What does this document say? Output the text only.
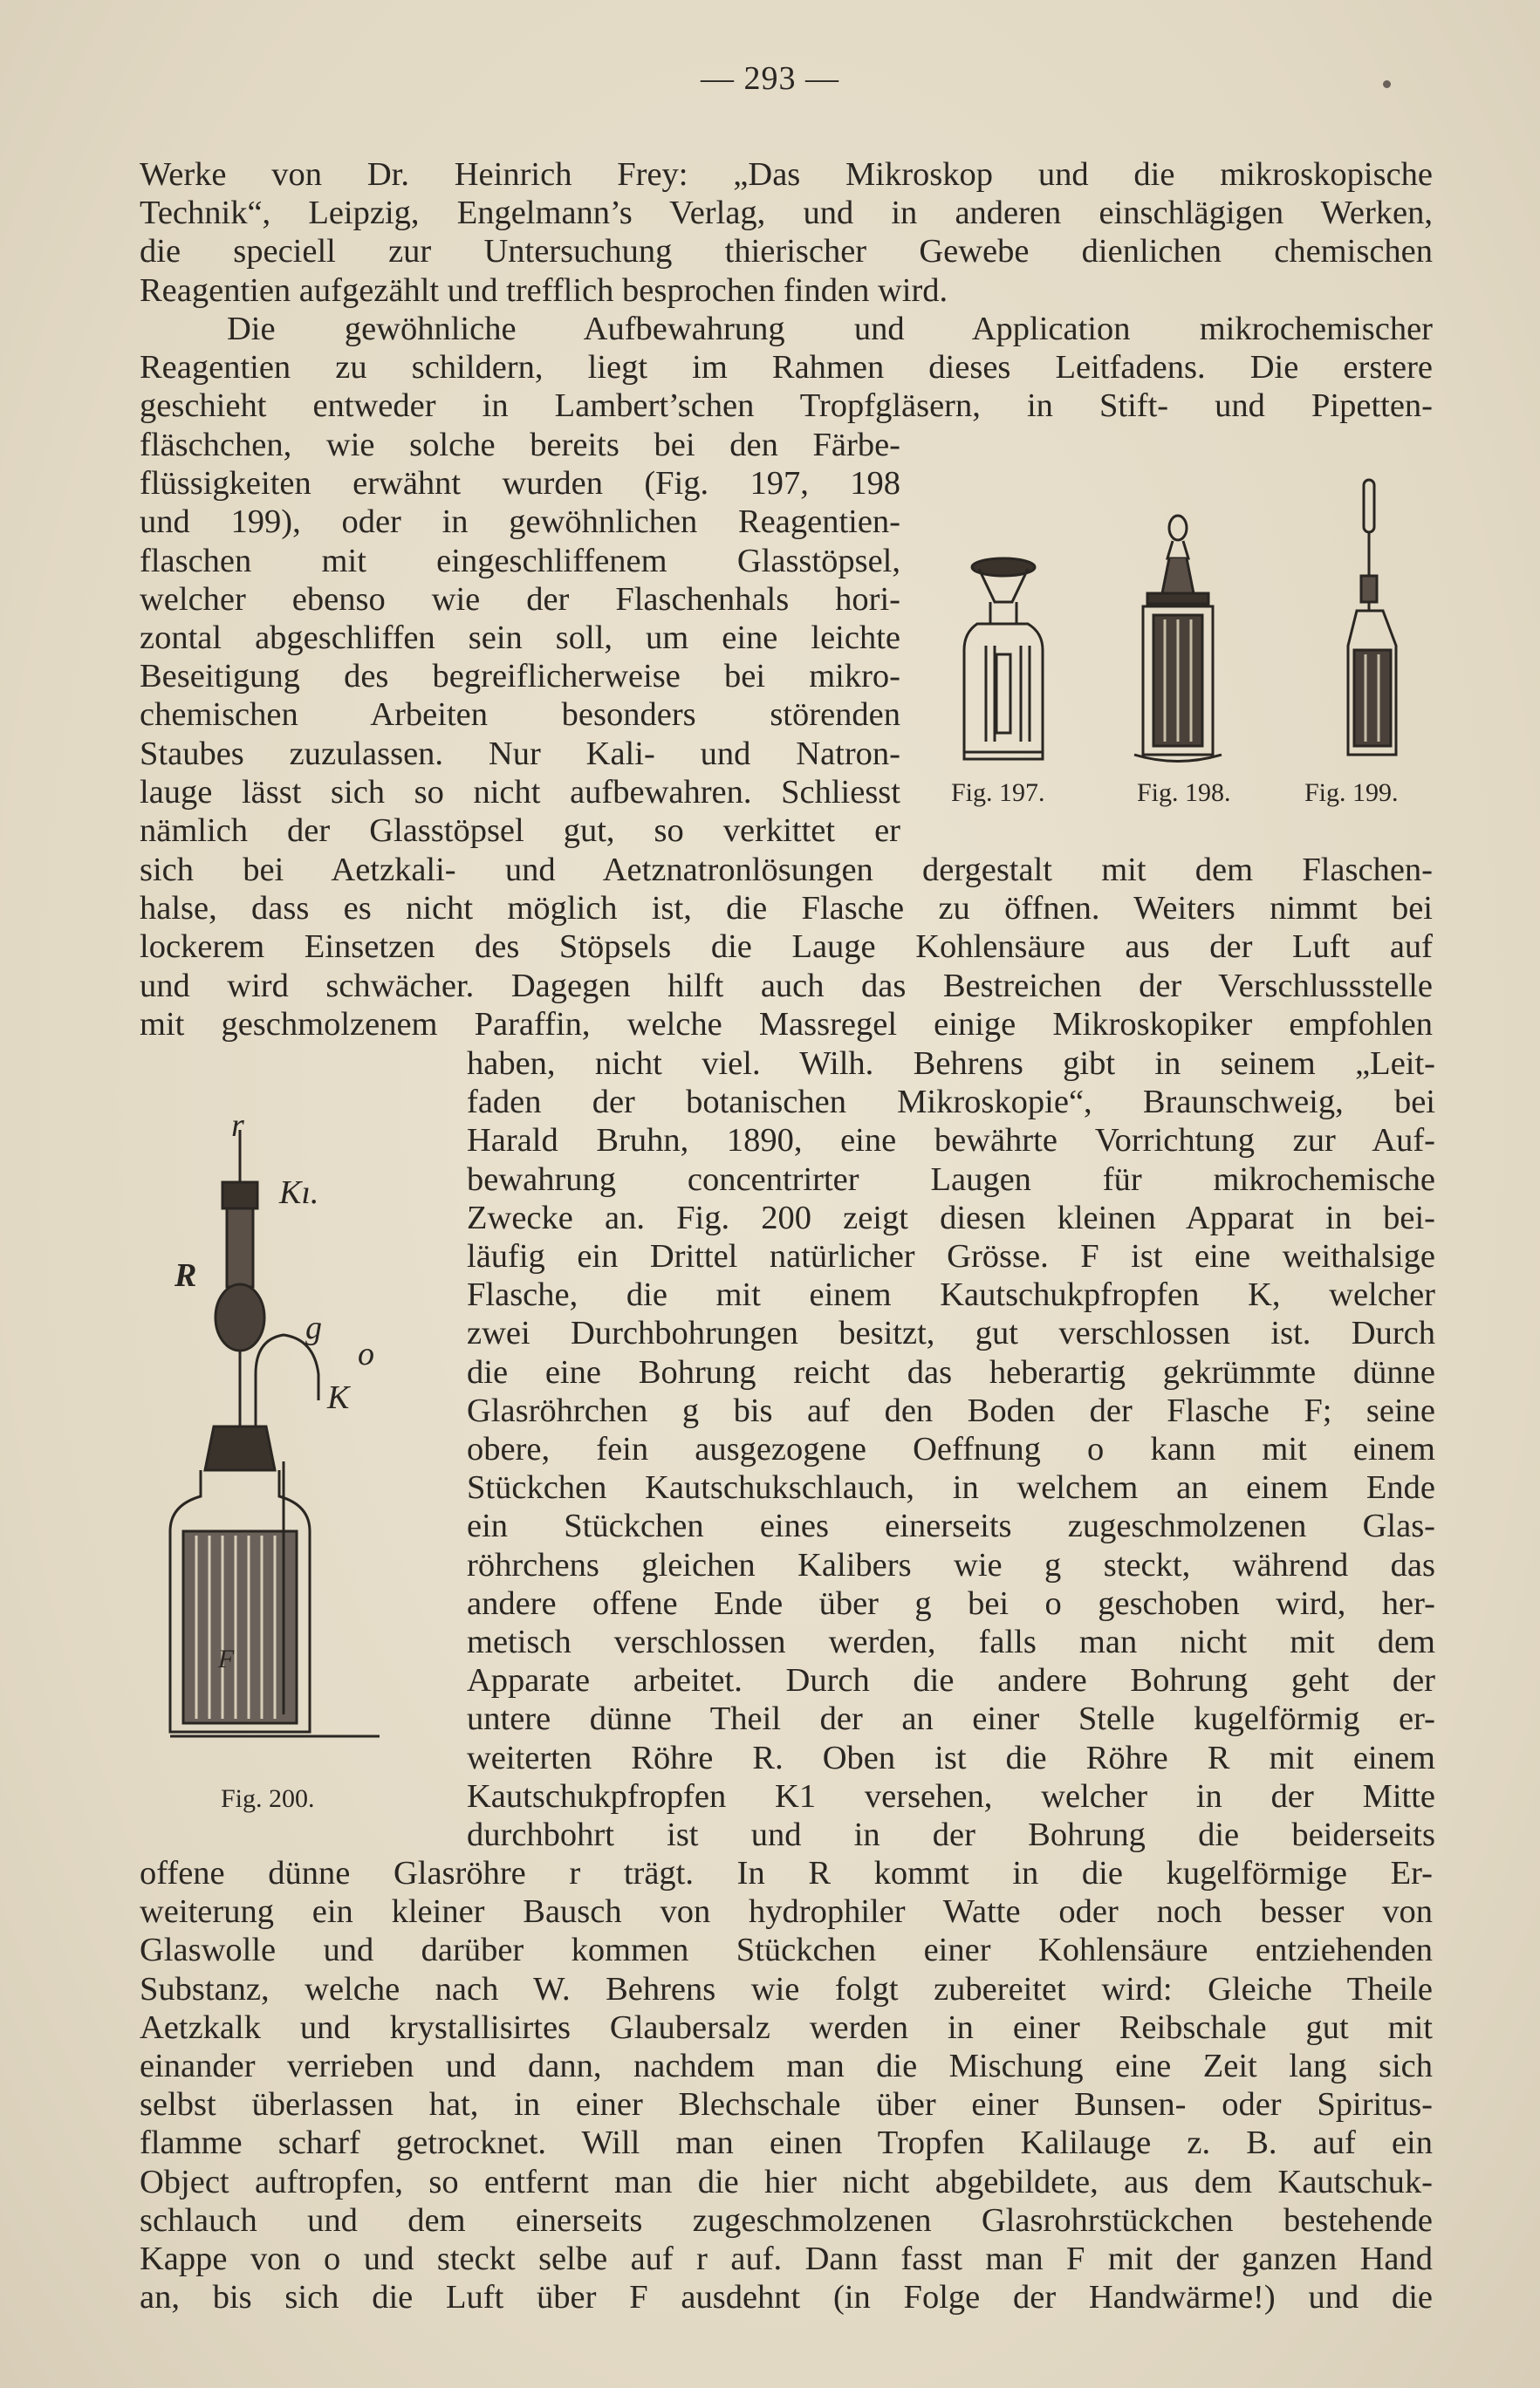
— 293 —
Werke von Dr. Heinrich Frey: „Das Mikroskop und die mikroskopische
Technik“, Leipzig, Engelmann’s Verlag, und in anderen einschlägigen Werken,
die speciell zur Untersuchung thierischer Gewebe dienlichen chemischen
Reagentien aufgezählt und trefflich besprochen finden wird.
Die gewöhnliche Aufbewahrung und Application mikrochemischer
Reagentien zu schildern, liegt im Rahmen dieses Leitfadens. Die erstere
geschieht entweder in Lambert’schen Tropfgläsern, in Stift- und Pipetten-
fläschchen, wie solche bereits bei den Färbe-
flüssigkeiten erwähnt wurden (Fig. 197, 198
und 199), oder in gewöhnlichen Reagentien-
flaschen mit eingeschliffenem Glasstöpsel,
welcher ebenso wie der Flaschenhals hori-
zontal abgeschliffen sein soll, um eine leichte
Beseitigung des begreiflicherweise bei mikro-
chemischen Arbeiten besonders störenden
Staubes zuzulassen. Nur Kali- und Natron-
lauge lässt sich so nicht aufbewahren. Schliesst
nämlich der Glasstöpsel gut, so verkittet er
Fig. 197.	Fig. 198.	Fig. 199.
sich bei Aetzkali- und Aetznatronlösungen dergestalt mit dem Flaschen-
halse, dass es nicht möglich ist, die Flasche zu öffnen. Weiters nimmt bei
lockerem Einsetzen des Stöpsels die Lauge Kohlensäure aus der Luft auf
und wird schwächer. Dagegen hilft auch das Bestreichen der Verschlussstelle
mit geschmolzenem Paraffin, welche Massregel einige Mikroskopiker empfohlen
r
Kı.
R
g
o
K
F
Fig. 200.
haben, nicht viel. Wilh. Behrens gibt in seinem „Leit-
faden der botanischen Mikroskopie“, Braunschweig, bei
Harald Bruhn, 1890, eine bewährte Vorrichtung zur Auf-
bewahrung concentrirter Laugen für mikrochemische
Zwecke an. Fig. 200 zeigt diesen kleinen Apparat in bei-
läufig ein Drittel natürlicher Grösse. F ist eine weithalsige
Flasche, die mit einem Kautschukpfropfen K, welcher
zwei Durchbohrungen besitzt, gut verschlossen ist. Durch
die eine Bohrung reicht das heberartig gekrümmte dünne
Glasröhrchen g bis auf den Boden der Flasche F; seine
obere, fein ausgezogene Oeffnung o kann mit einem
Stückchen Kautschukschlauch, in welchem an einem Ende
ein Stückchen eines einerseits zugeschmolzenen Glas-
röhrchens gleichen Kalibers wie g steckt, während das
andere offene Ende über g bei o geschoben wird, her-
metisch verschlossen werden, falls man nicht mit dem
Apparate arbeitet. Durch die andere Bohrung geht der
untere dünne Theil der an einer Stelle kugelförmig er-
weiterten Röhre R. Oben ist die Röhre R mit einem
Kautschukpfropfen K1 versehen, welcher in der Mitte
durchbohrt ist und in der Bohrung die beiderseits
offene dünne Glasröhre r trägt. In R kommt in die kugelförmige Er-
weiterung ein kleiner Bausch von hydrophiler Watte oder noch besser von
Glaswolle und darüber kommen Stückchen einer Kohlensäure entziehenden
Substanz, welche nach W. Behrens wie folgt zubereitet wird: Gleiche Theile
Aetzkalk und krystallisirtes Glaubersalz werden in einer Reibschale gut mit
einander verrieben und dann, nachdem man die Mischung eine Zeit lang sich
selbst überlassen hat, in einer Blechschale über einer Bunsen- oder Spiritus-
flamme scharf getrocknet. Will man einen Tropfen Kalilauge z. B. auf ein
Object auftropfen, so entfernt man die hier nicht abgebildete, aus dem Kautschuk-
schlauch und dem einerseits zugeschmolzenen Glasrohrstückchen bestehende
Kappe von o und steckt selbe auf r auf. Dann fasst man F mit der ganzen Hand
an, bis sich die Luft über F ausdehnt (in Folge der Handwärme!) und die
